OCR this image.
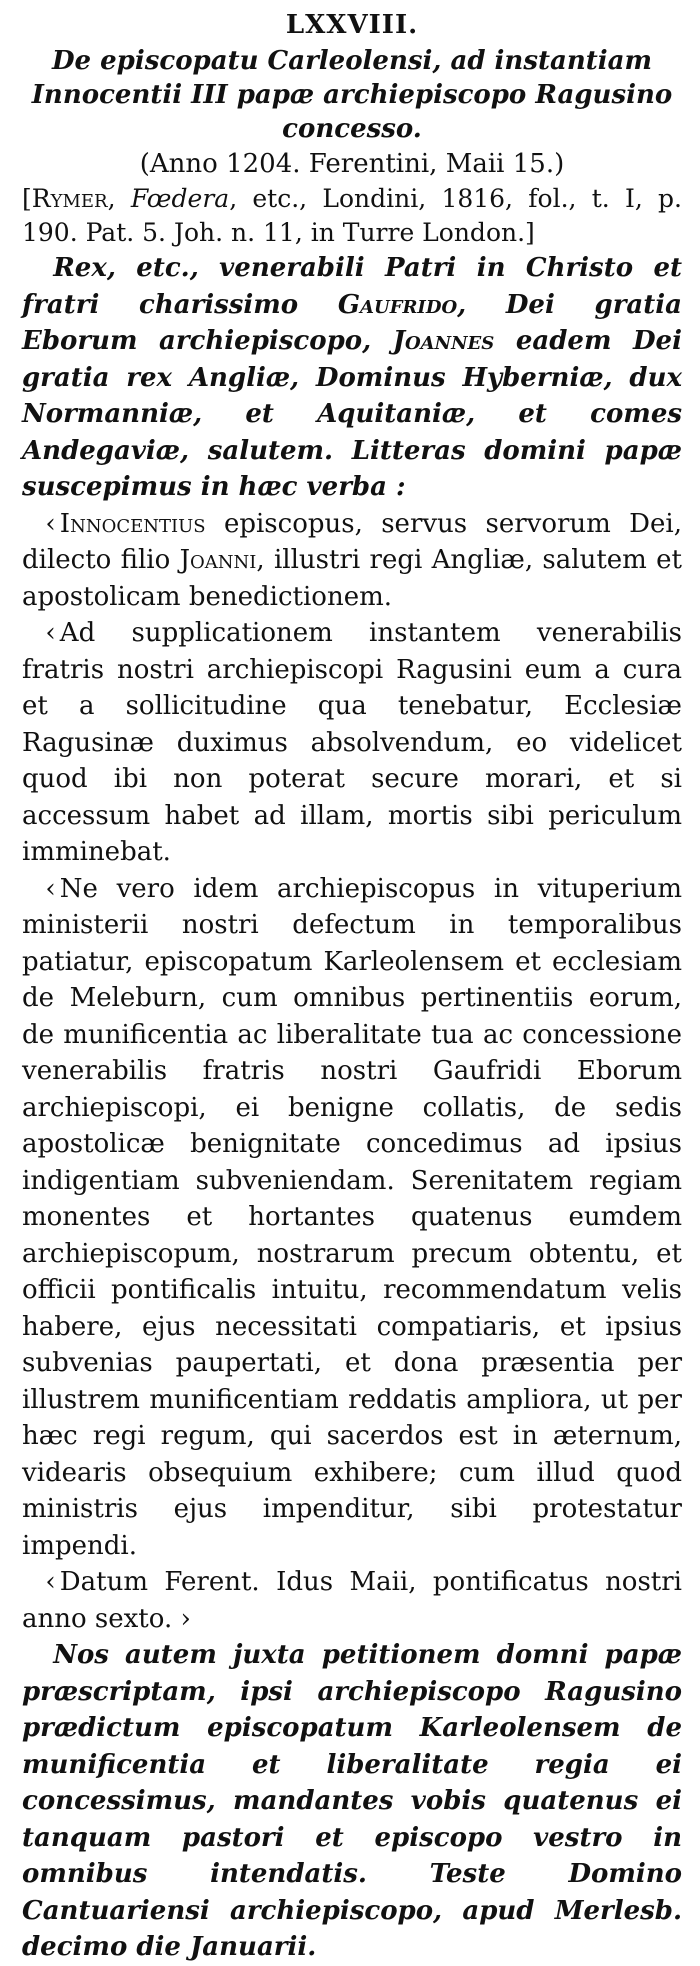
LXXVIII.
De episcopatu Carleolensi, ad instantiam Innocentii III papæ archiepiscopo Ragusino concesso.
(Anno 1204. Ferentini, Maii 15.)
[Rymer, Fœdera, etc., Londini, 1816, fol., t. I, p. 190. Pat. 5. Joh. n. 11, in Turre London.]

Rex, etc., venerabili Patri in Christo et fratri charissimo Gaufrido, Dei gratia Eborum archiepiscopo, Joannes eadem Dei gratia rex Angliæ, Dominus Hyberniæ, dux Normanniæ, et Aquitaniæ, et comes Andegaviæ, salutem. Litteras domini papæ suscepimus in hæc verba :

‹ Innocentius episcopus, servus servorum Dei, dilecto filio Joanni, illustri regi Angliæ, salutem et apostolicam benedictionem.

‹ Ad supplicationem instantem venerabilis fratris nostri archiepiscopi Ragusini eum a cura et a sollicitudine qua tenebatur, Ecclesiæ Ragusinæ duximus absolvendum, eo videlicet quod ibi non poterat secure morari, et si accessum habet ad illam, mortis sibi periculum imminebat.

‹ Ne vero idem archiepiscopus in vituperium ministerii nostri defectum in temporalibus patiatur, episcopatum Karleolensem et ecclesiam de Meleburn, cum omnibus pertinentiis eorum, de munificentia ac liberalitate tua ac concessione venerabilis fratris nostri Gaufridi Eborum archiepiscopi, ei benigne collatis, de sedis apostolicæ benignitate concedimus ad ipsius indigentiam subveniendam. Serenitatem regiam monentes et hortantes quatenus eumdem archiepiscopum, nostrarum precum obtentu, et officii pontificalis intuitu, recommendatum velis habere, ejus necessitati compatiaris, et ipsius subvenias paupertati, et dona præsentia per illustrem munificentiam reddatis ampliora, ut per hæc regi regum, qui sacerdos est in æternum, videaris obsequium exhibere; cum illud quod ministris ejus impenditur, sibi protestatur impendi.

‹ Datum Ferent. Idus Maii, pontificatus nostri anno sexto. ›

Nos autem juxta petitionem domni papæ præscriptam, ipsi archiepiscopo Ragusino prædictum episcopatum Karleolensem de munificentia et liberalitate regia ei concessimus, mandantes vobis quatenus ei tanquam pastori et episcopo vestro in omnibus intendatis. Teste Domino Cantuariensi archiepiscopo, apud Merlesb. decimo die Januarii.
